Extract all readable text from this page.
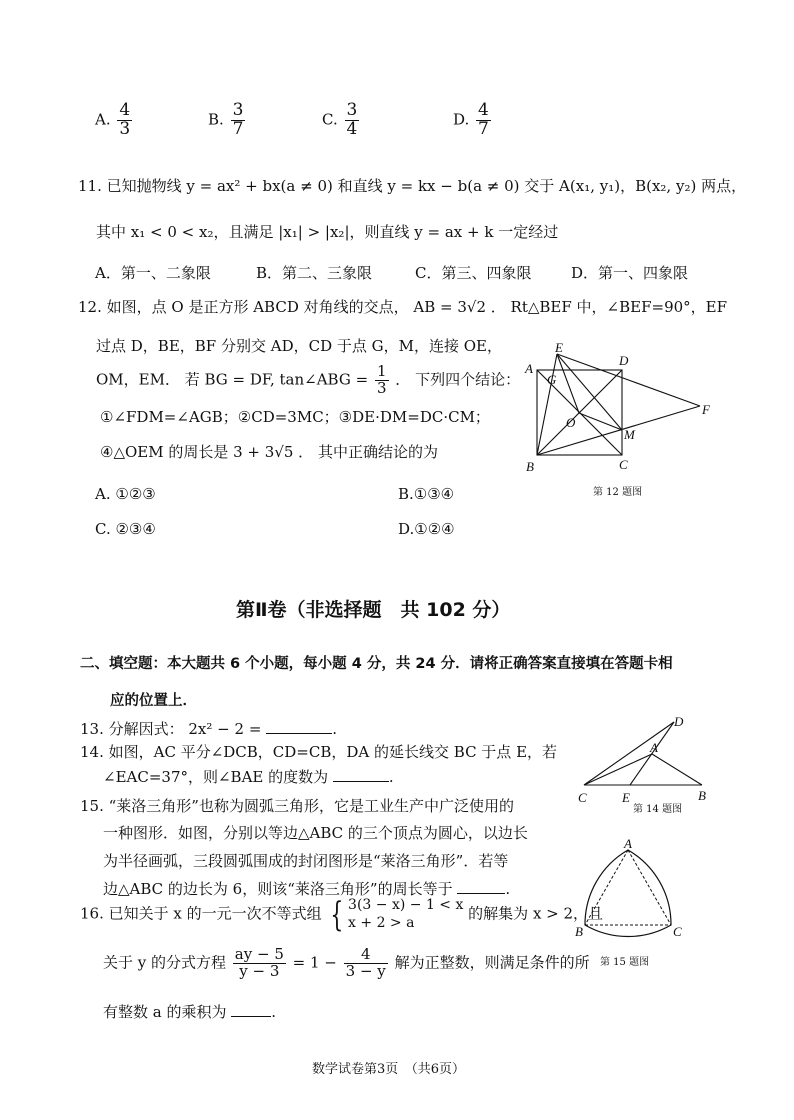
A. $\frac{4}{3}$	B. $\frac{3}{7}$	C. $\frac{3}{4}$	D. $\frac{4}{7}$
11. 已知抛物线 y = ax² + bx(a ≠ 0) 和直线 y = kx − b(a ≠ 0) 交于 A(x₁, y₁)，B(x₂, y₂) 两点，
其中 x₁ < 0 < x₂，且满足 |x₁| > |x₂|，则直线 y = ax + k 一定经过
A．第一、二象限	B．第二、三象限	C．第三、四象限	D．第一、四象限
12. 如图，点 O 是正方形 ABCD 对角线的交点， AB = 3√2 ． Rt△BEF 中，∠BEF=90°，EF
过点 D，BE，BF 分别交 AD，CD 于点 G，M，连接 OE，
OM，EM． 若 BG = DF, tan∠ABG = $\frac{1}{3}$ ． 下列四个结论：
①∠FDM=∠AGB；②CD=3MC；③DE·DM=DC·CM；
④△OEM 的周长是 3 + 3√5 ． 其中正确结论的为
A. ①②③	B.①③④
C. ②③④	D.①②④
E
D
A
G
O
F
M
B	C
第 12 题图
第Ⅱ卷（非选择题　共 102 分）
二、填空题：本大题共 6 个小题，每小题 4 分，共 24 分．请将正确答案直接填在答题卡相
应的位置上．
13. 分解因式： 2x² − 2 =	.
14. 如图，AC 平分∠DCB，CD=CB，DA 的延长线交 BC 于点 E，若
∠EAC=37°，则∠BAE 的度数为	.
D
A
C	E	B
第 14 题图
15. “莱洛三角形”也称为圆弧三角形，它是工业生产中广泛使用的
一种图形．如图，分别以等边△ABC 的三个顶点为圆心，以边长
为半径画弧，三段圆弧围成的封闭图形是“莱洛三角形”．若等
边△ABC 的边长为 6，则该“莱洛三角形”的周长等于	.
A
B	C
第 15 题图
16. 已知关于 x 的一元一次不等式组 { 3(3 − x) − 1 < x
x + 2 > a	的解集为 x > 2，且
关于 y 的分式方程 $\frac{ay - 5}{y - 3} = 1 - \frac{4}{3 - y}$ 解为正整数，则满足条件的所
有整数 a 的乘积为	.
数学试卷第3页　（共6页）
